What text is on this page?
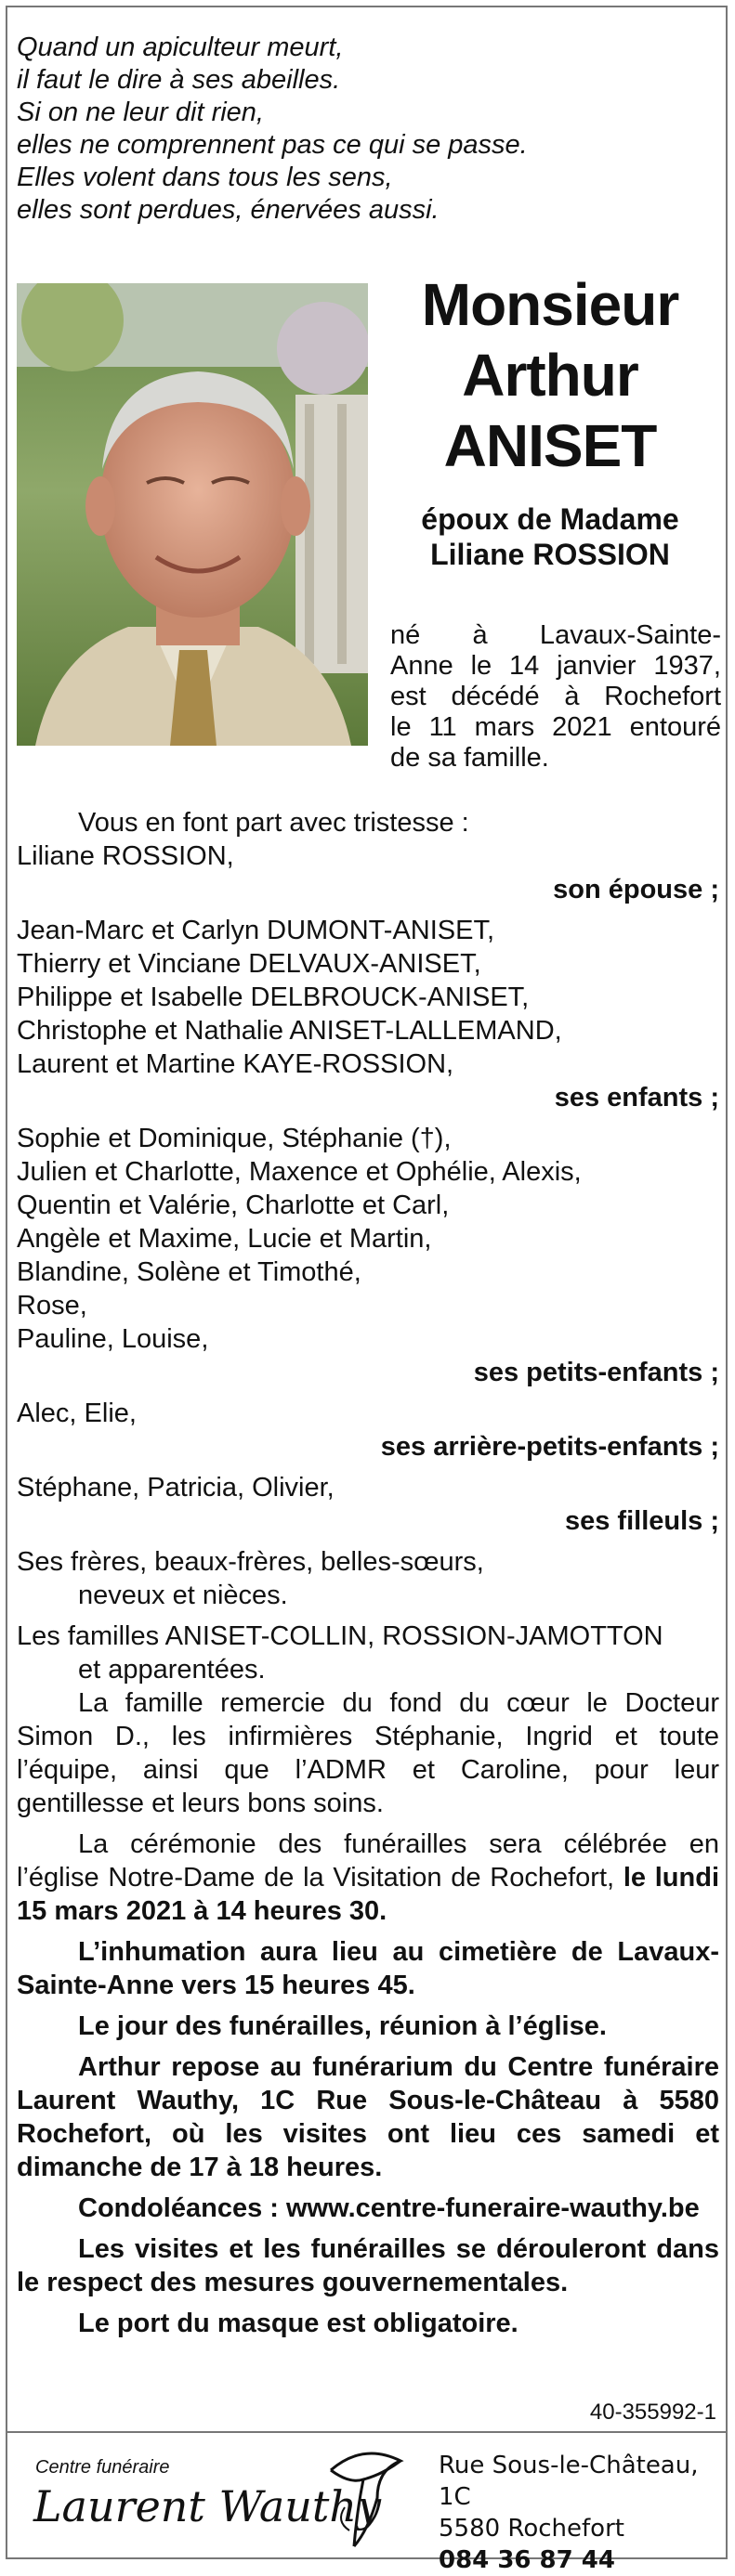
Quand un apiculteur meurt,
il faut le dire à ses abeilles.
Si on ne leur dit rien,
elles ne comprennent pas ce qui se passe.
Elles volent dans tous les sens,
elles sont perdues, énervées aussi.
Monsieur
Arthur
ANISET
époux de Madame
Liliane ROSSION
né à Lavaux-Sainte-
Anne le 14 janvier 1937,
est décédé à Rochefort
le 11 mars 2021 entouré
de sa famille.

Vous en font part avec tristesse :

Liliane ROSSION,

son épouse ;

Jean-Marc et Carlyn DUMONT-ANISET,

Thierry et Vinciane DELVAUX-ANISET,

Philippe et Isabelle DELBROUCK-ANISET,

Christophe et Nathalie ANISET-LALLEMAND,

Laurent et Martine KAYE-ROSSION,

ses enfants ;

Sophie et Dominique, Stéphanie (†),

Julien et Charlotte, Maxence et Ophélie, Alexis,

Quentin et Valérie, Charlotte et Carl,

Angèle et Maxime, Lucie et Martin,

Blandine, Solène et Timothé,

Rose,

Pauline, Louise,

ses petits-enfants ;

Alec, Elie,

ses arrière-petits-enfants ;

Stéphane, Patricia, Olivier,

ses filleuls ;

Ses frères, beaux-frères, belles-sœurs,

neveux et nièces.

Les familles ANISET-COLLIN, ROSSION-JAMOTTON

et apparentées.

La famille remercie du fond du cœur le Docteur Simon D., les infirmières Stéphanie, Ingrid et toute l’équipe, ainsi que l’ADMR et Caroline, pour leur gentillesse et leurs bons soins.

La cérémonie des funérailles sera célébrée en l’église Notre-Dame de la Visitation de Rochefort, le lundi 15 mars 2021 à 14 heures 30.

L’inhumation aura lieu au cimetière de Lavaux-Sainte-Anne vers 15 heures 45.

Le jour des funérailles, réunion à l’église.

Arthur repose au funérarium du Centre funéraire Laurent Wauthy, 1C Rue Sous-le-Château à 5580 Rochefort, où les visites ont lieu ces samedi et dimanche de 17 à 18 heures.

Condoléances : www.centre-funeraire-wauthy.be

Les visites et les funérailles se dérouleront dans le respect des mesures gouvernementales.

Le port du masque est obligatoire.

40-355992-1
Centre funéraire
Laurent Wauthy
Rue Sous-le-Château, 1C
5580 Rochefort
084 36 87 44
